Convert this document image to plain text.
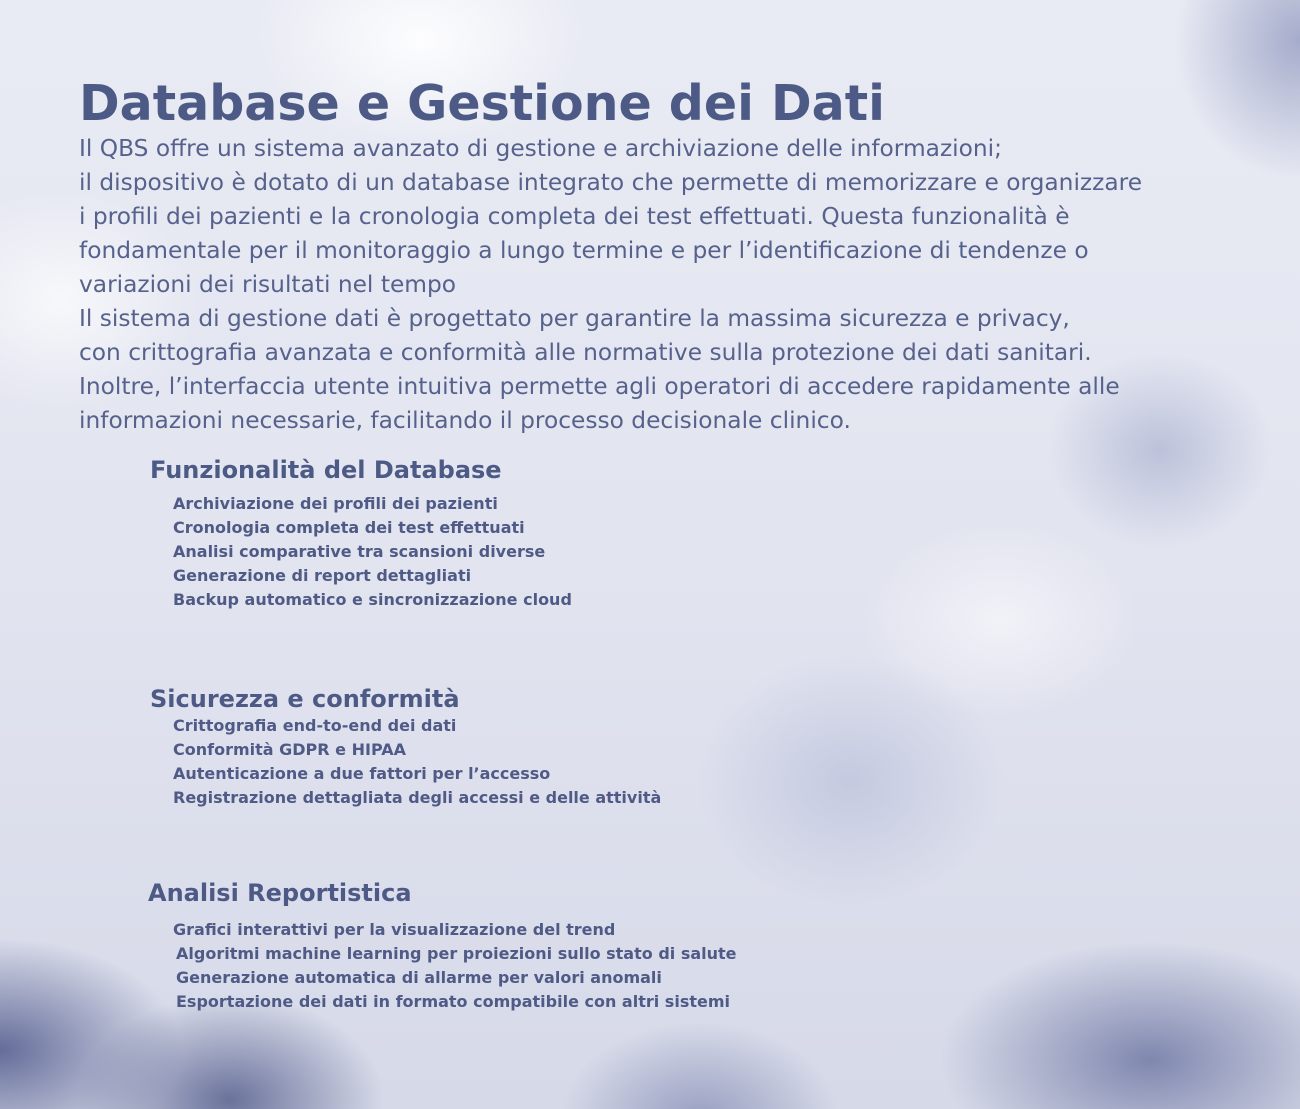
Database e Gestione dei Dati

Il QBS offre un sistema avanzato di gestione e archiviazione delle informazioni;

il dispositivo è dotato di un database integrato che permette di memorizzare e organizzare

i profili dei pazienti e la cronologia completa dei test effettuati. Questa funzionalità è

fondamentale per il monitoraggio a lungo termine e per l’identificazione di tendenze o

variazioni dei risultati nel tempo

Il sistema di gestione dati è progettato per garantire la massima sicurezza e privacy,

con crittografia avanzata e conformità alle normative sulla protezione dei dati sanitari.

Inoltre, l’interfaccia utente intuitiva permette agli operatori di accedere rapidamente alle

informazioni necessarie, facilitando il processo decisionale clinico.

Funzionalità del Database
Archiviazione dei profili dei pazienti
Cronologia completa dei test effettuati
Analisi comparative tra scansioni diverse
Generazione di report dettagliati
Backup automatico e sincronizzazione cloud
Sicurezza e conformità
Crittografia end-to-end dei dati
Conformità GDPR e HIPAA
Autenticazione a due fattori per l’accesso
Registrazione dettagliata degli accessi e delle attività
Analisi Reportistica
Grafici interattivi per la visualizzazione del trend
Algoritmi machine learning per proiezioni sullo stato di salute
Generazione automatica di allarme per valori anomali
Esportazione dei dati in formato compatibile con altri sistemi
